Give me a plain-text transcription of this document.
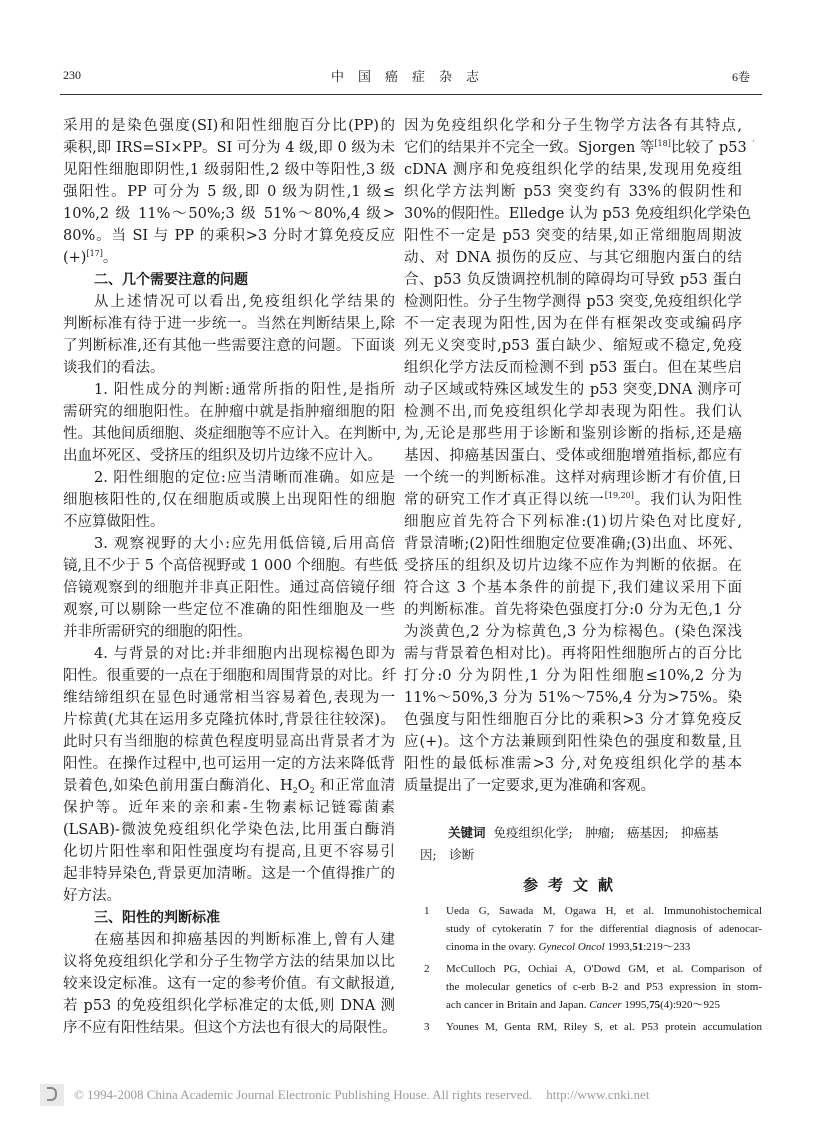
230	中国癌症杂志	6卷
采用的是染色强度(SI)和阳性细胞百分比(PP)的
乘积,即 IRS=SI×PP。SI 可分为 4 级,即 0 级为未
见阳性细胞即阴性,1 级弱阳性,2 级中等阳性,3 级
强阳性。PP 可分为 5 级,即 0 级为阴性,1 级≤
10%,2 级 11%～50%;3 级 51%～80%,4 级>
80%。当 SI 与 PP 的乘积>3 分时才算免疫反应
(+)[17]。
二、几个需要注意的问题
从上述情况可以看出,免疫组织化学结果的
判断标准有待于进一步统一。当然在判断结果上,除
了判断标准,还有其他一些需要注意的问题。下面谈
谈我们的看法。
1. 阳性成分的判断:通常所指的阳性,是指所
需研究的细胞阳性。在肿瘤中就是指肿瘤细胞的阳
性。其他间质细胞、炎症细胞等不应计入。在判断中,
出血坏死区、受挤压的组织及切片边缘不应计入。
2. 阳性细胞的定位:应当清晰而准确。如应是
细胞核阳性的,仅在细胞质或膜上出现阳性的细胞
不应算做阳性。
3. 观察视野的大小:应先用低倍镜,后用高倍
镜,且不少于 5 个高倍视野或 1 000 个细胞。有些低
倍镜观察到的细胞并非真正阳性。通过高倍镜仔细
观察,可以剔除一些定位不准确的阳性细胞及一些
并非所需研究的细胞的阳性。
4. 与背景的对比:并非细胞内出现棕褐色即为
阳性。很重要的一点在于细胞和周围背景的对比。纤
维结缔组织在显色时通常相当容易着色,表现为一
片棕黄(尤其在运用多克隆抗体时,背景往往较深)。
此时只有当细胞的棕黄色程度明显高出背景者才为
阳性。在操作过程中,也可运用一定的方法来降低背
景着色,如染色前用蛋白酶消化、$H_2O_2$ 和正常血清
保护等。近年来的亲和素-生物素标记链霉菌素
(LSAB)-微波免疫组织化学染色法,比用蛋白酶消
化切片阳性率和阳性强度均有提高,且更不容易引
起非特异染色,背景更加清晰。这是一个值得推广的
好方法。
三、阳性的判断标准
在癌基因和抑癌基因的判断标准上,曾有人建
议将免疫组织化学和分子生物学方法的结果加以比
较来设定标准。这有一定的参考价值。有文献报道,
若 p53 的免疫组织化学标准定的太低,则 DNA 测
序不应有阳性结果。但这个方法也有很大的局限性。
因为免疫组织化学和分子生物学方法各有其特点,
它们的结果并不完全一致。Sjorgen 等[18]比较了 p53
cDNA 测序和免疫组织化学的结果,发现用免疫组
织化学方法判断 p53 突变约有 33%的假阴性和
30%的假阳性。Elledge 认为 p53 免疫组织化学染色
阳性不一定是 p53 突变的结果,如正常细胞周期波
动、对 DNA 损伤的反应、与其它细胞内蛋白的结
合、p53 负反馈调控机制的障碍均可导致 p53 蛋白
检测阳性。分子生物学测得 p53 突变,免疫组织化学
不一定表现为阳性,因为在伴有框架改变或编码序
列无义突变时,p53 蛋白缺少、缩短或不稳定,免疫
组织化学方法反而检测不到 p53 蛋白。但在某些启
动子区域或特殊区域发生的 p53 突变,DNA 测序可
检测不出,而免疫组织化学却表现为阳性。我们认
为,无论是那些用于诊断和鉴别诊断的指标,还是癌
基因、抑癌基因蛋白、受体或细胞增殖指标,都应有
一个统一的判断标准。这样对病理诊断才有价值,日
常的研究工作才真正得以统一[19,20]。我们认为阳性
细胞应首先符合下列标准:(1)切片染色对比度好,
背景清晰;(2)阳性细胞定位要准确;(3)出血、坏死、
受挤压的组织及切片边缘不应作为判断的依据。在
符合这 3 个基本条件的前提下,我们建议采用下面
的判断标准。首先将染色强度打分:0 分为无色,1 分
为淡黄色,2 分为棕黄色,3 分为棕褐色。(染色深浅
需与背景着色相对比)。再将阳性细胞所占的百分比
打分:0 分为阴性,1 分为阳性细胞≤10%,2 分为
11%～50%,3 分为 51%～75%,4 分为>75%。染
色强度与阳性细胞百分比的乘积>3 分才算免疫反
应(+)。这个方法兼顾到阳性染色的强度和数量,且
阳性的最低标准需>3 分,对免疫组织化学的基本
质量提出了一定要求,更为准确和客观。
·
关键词 免疫组织化学;　肿瘤;　癌基因;　抑癌基
因;　诊断
参考文献
1 Ueda G, Sawada M, Ogawa H, et al. Immunohistochemical
study of cytokeratin 7 for the differential diagnosis of adenocar-
cinoma in the ovary. Gynecol Oncol 1993,51:219～233
2 McCulloch PG, Ochiai A, O'Dowd GM, et al. Comparison of
the molecular genetics of c-erb B-2 and P53 expression in stom-
ach cancer in Britain and Japan. Cancer 1995,75(4):920～925
3 Younes M, Genta RM, Riley S, et al. P53 protein accumulation
© 1994-2008 China Academic Journal Electronic Publishing House. All rights reserved. http://www.cnki.net
